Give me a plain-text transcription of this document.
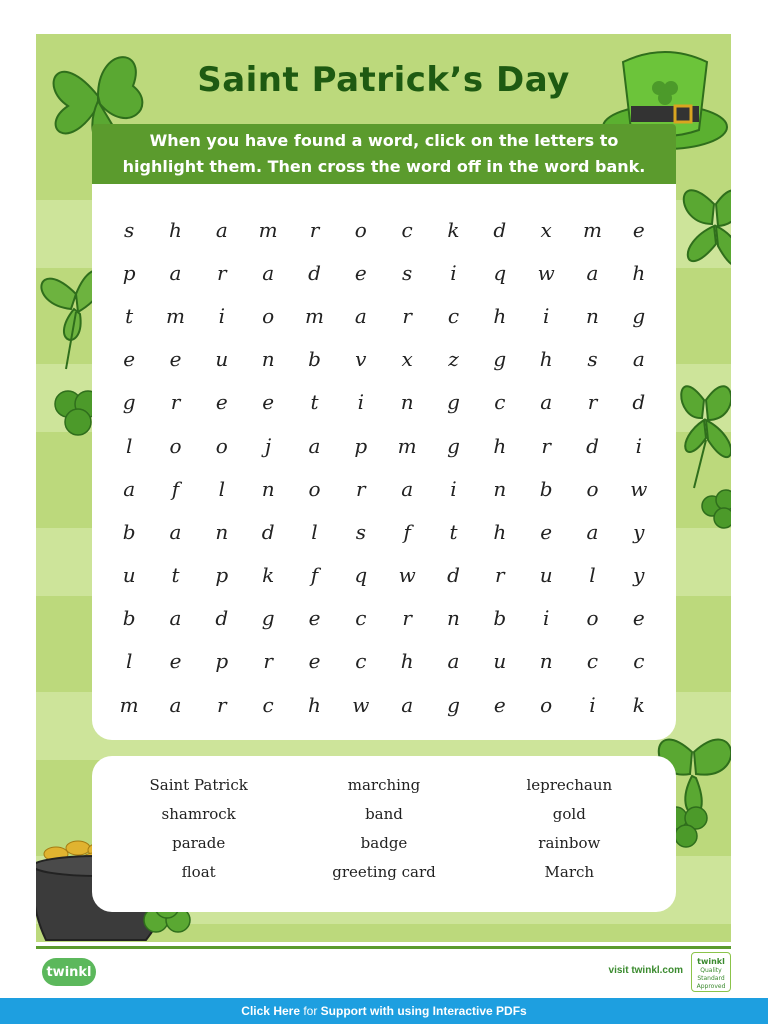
Saint Patrick’s Day
When you have found a word, click on the letters to
highlight them. Then cross the word off in the word bank.
s	h	a	m	r	o	c	k	d	x	m	e
p	a	r	a	d	e	s	i	q	w	a	h
t	m	i	o	m	a	r	c	h	i	n	g
e	e	u	n	b	v	x	z	g	h	s	a
g	r	e	e	t	i	n	g	c	a	r	d
l	o	o	j	a	p	m	g	h	r	d	i
a	f	l	n	o	r	a	i	n	b	o	w
b	a	n	d	l	s	f	t	h	e	a	y
u	t	p	k	f	q	w	d	r	u	l	y
b	a	d	g	e	c	r	n	b	i	o	e
l	e	p	r	e	c	h	a	u	n	c	c
m	a	r	c	h	w	a	g	e	o	i	k
Saint Patrick	marching	leprechaun
shamrock	band	gold
parade	badge	rainbow
float	greeting card	March
twinkl	visit twinkl.com
twinkl
Quality Standard Approved
Click Here for Support with using Interactive PDFs
